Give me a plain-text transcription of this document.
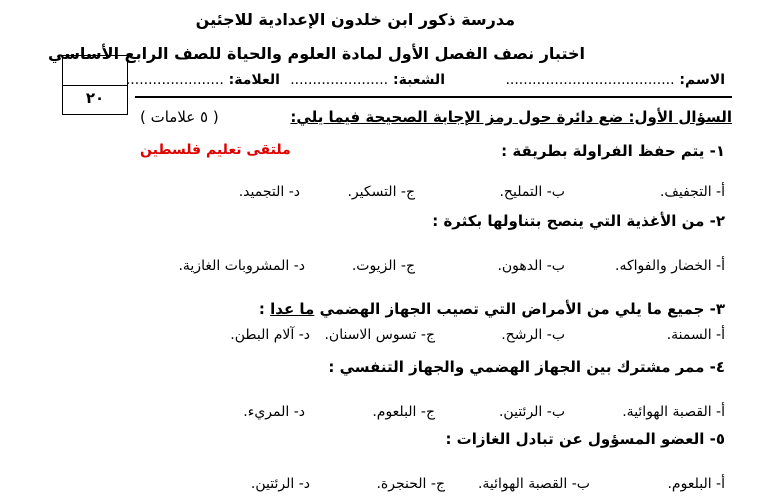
مدرسة ذكور ابن خلدون الإعدادية للاجئين
اختبار نصف الفصل الأول لمادة العلوم والحياة للصف الرابع الأساسي
٢٠
الاسم: ......................................
الشعبة: ......................
العلامة: ......................
السؤال الأول: ضع دائرة حول رمز الإجابة الصحيحة فيما يلي:
( ٥ علامات )
ملتقى تعليم فلسطين	١- يتم حفظ الفراولة بطريقة :
أ- التجفيف.
ب- التمليح.
ج- التسكير.
د- التجميد.
٢- من الأغذية التي ينصح بتناولها بكثرة :
أ- الخضار والفواكه.
ب- الدهون.
ج- الزيوت.
د- المشروبات الغازية.
٣- جميع ما يلي من الأمراض التي تصيب الجهاز الهضمي ما عدا :
أ- السمنة.
ب- الرشح.
ج- تسوس الاسنان.
د- آلام البطن.
٤- ممر مشترك بين الجهاز الهضمي والجهاز التنفسي :
أ- القصبة الهوائية.
ب- الرئتين.
ج- البلعوم.
د- المريء.
٥- العضو المسؤول عن تبادل الغازات :
أ- البلعوم.
ب- القصبة الهوائية.
ج- الحنجرة.
د- الرئتين.
